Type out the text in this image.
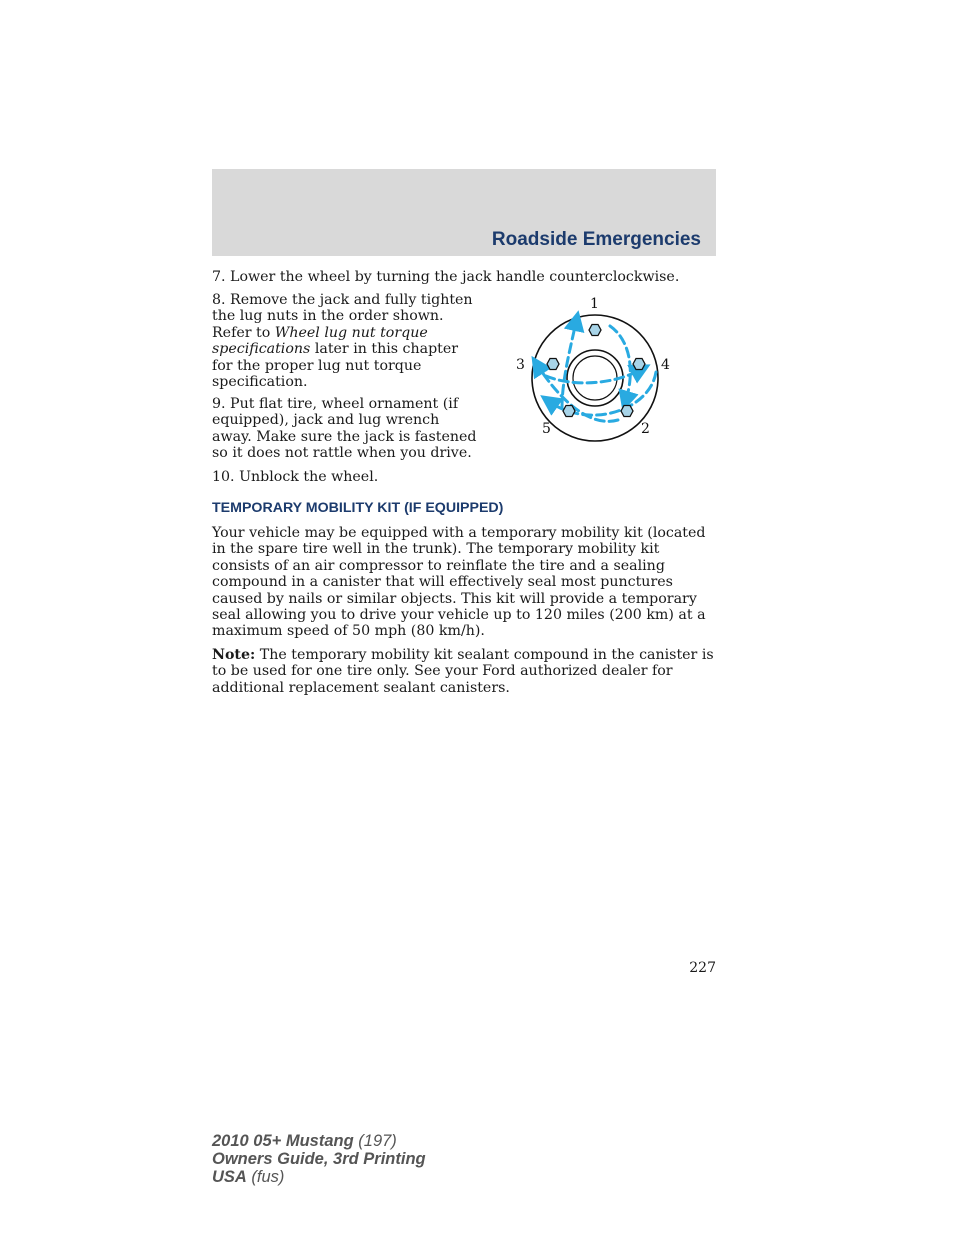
Roadside Emergencies

7. Lower the wheel by turning the jack handle counterclockwise.

8. Remove the jack and fully tighten the lug nuts in the order shown. Refer to Wheel lug nut torque specifications later in this chapter for the proper lug nut torque specification.

9. Put flat tire, wheel ornament (if equipped), jack and lug wrench away. Make sure the jack is fastened so it does not rattle when you drive.

10. Unblock the wheel.

1
3	4
5	2
TEMPORARY MOBILITY KIT (IF EQUIPPED)

Your vehicle may be equipped with a temporary mobility kit (located in the spare tire well in the trunk). The temporary mobility kit consists of an air compressor to reinflate the tire and a sealing compound in a canister that will effectively seal most punctures caused by nails or similar objects. This kit will provide a temporary seal allowing you to drive your vehicle up to 120 miles (200 km) at a maximum speed of 50 mph (80 km/h).

Note: The temporary mobility kit sealant compound in the canister is to be used for one tire only. See your Ford authorized dealer for additional replacement sealant canisters.

227
2010 05+ Mustang (197)
Owners Guide, 3rd Printing
USA (fus)
